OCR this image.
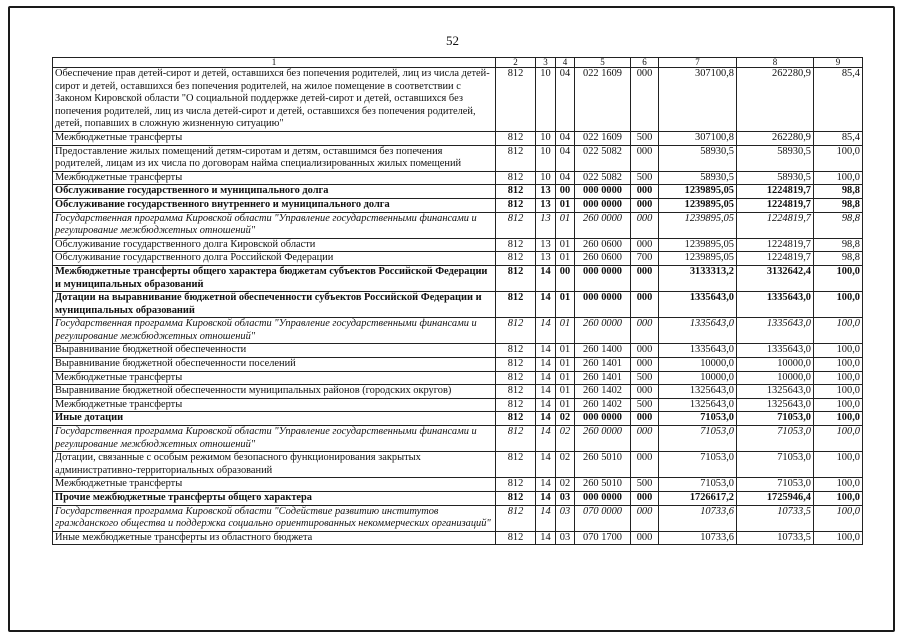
52
1	2	3	4	5	6	7	8	9
Обеспечение прав детей-сирот и детей, оставшихся без попечения родителей, лиц из числа детей-сирот и детей, оставшихся без попечения родителей, на жилое помещение в соответствии с Законом Кировской области "О социальной поддержке детей-сирот и детей, оставшихся без попечения родителей, лиц из числа детей-сирот и детей, оставшихся без попечения родителей, детей, попавших в сложную жизненную ситуацию"	812	10	04	022 1609	000	307100,8	262280,9	85,4
Межбюджетные трансферты	812	10	04	022 1609	500	307100,8	262280,9	85,4
Предоставление жилых помещений детям-сиротам и детям, оставшимся без попечения родителей, лицам из их числа по договорам найма специализированных жилых помещений	812	10	04	022 5082	000	58930,5	58930,5	100,0
Межбюджетные трансферты	812	10	04	022 5082	500	58930,5	58930,5	100,0
Обслуживание государственного и муниципального долга	812	13	00	000 0000	000	1239895,05	1224819,7	98,8
Обслуживание государственного внутреннего и муниципального долга	812	13	01	000 0000	000	1239895,05	1224819,7	98,8
Государственная программа Кировской области "Управление государственными финансами и регулирование межбюджетных отношений"	812	13	01	260 0000	000	1239895,05	1224819,7	98,8
Обслуживание государственного долга Кировской области	812	13	01	260 0600	000	1239895,05	1224819,7	98,8
Обслуживание государственного долга Российской Федерации	812	13	01	260 0600	700	1239895,05	1224819,7	98,8
Межбюджетные трансферты общего характера бюджетам субъектов Российской Федерации и муниципальных образований	812	14	00	000 0000	000	3133313,2	3132642,4	100,0
Дотации на выравнивание бюджетной обеспеченности субъектов Российской Федерации и муниципальных образований	812	14	01	000 0000	000	1335643,0	1335643,0	100,0
Государственная программа Кировской области "Управление государственными финансами и регулирование межбюджетных отношений"	812	14	01	260 0000	000	1335643,0	1335643,0	100,0
Выравнивание бюджетной обеспеченности	812	14	01	260 1400	000	1335643,0	1335643,0	100,0
Выравнивание бюджетной обеспеченности поселений	812	14	01	260 1401	000	10000,0	10000,0	100,0
Межбюджетные трансферты	812	14	01	260 1401	500	10000,0	10000,0	100,0
Выравнивание бюджетной обеспеченности муниципальных районов (городских округов)	812	14	01	260 1402	000	1325643,0	1325643,0	100,0
Межбюджетные трансферты	812	14	01	260 1402	500	1325643,0	1325643,0	100,0
Иные дотации	812	14	02	000 0000	000	71053,0	71053,0	100,0
Государственная программа Кировской области "Управление государственными финансами и регулирование межбюджетных отношений"	812	14	02	260 0000	000	71053,0	71053,0	100,0
Дотации, связанные с особым режимом безопасного функционирования закрытых административно-территориальных образований	812	14	02	260 5010	000	71053,0	71053,0	100,0
Межбюджетные трансферты	812	14	02	260 5010	500	71053,0	71053,0	100,0
Прочие межбюджетные трансферты общего характера	812	14	03	000 0000	000	1726617,2	1725946,4	100,0
Государственная программа Кировской области "Содействие развитию институтов гражданского общества и поддержка социально ориентированных некоммерческих организаций"	812	14	03	070 0000	000	10733,6	10733,5	100,0
Иные межбюджетные трансферты из областного бюджета	812	14	03	070 1700	000	10733,6	10733,5	100,0
